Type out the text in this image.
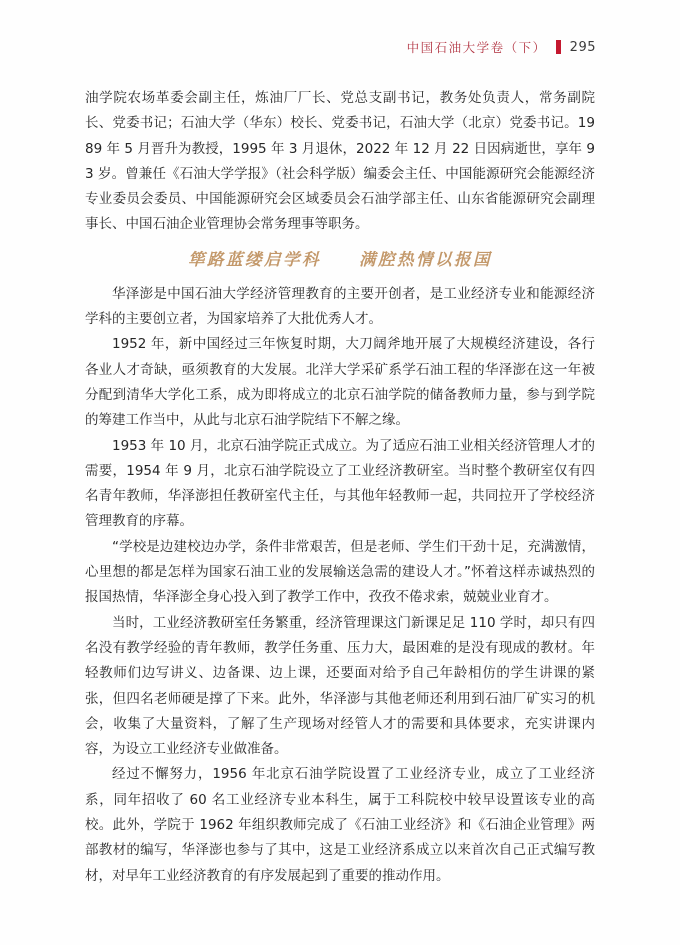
中国石油大学卷（下） 295

油学院农场革委会副主任，炼油厂厂长、党总支副书记，教务处负责人，常务副院长、党委书记；石油大学（华东）校长、党委书记，石油大学（北京）党委书记。1989 年 5 月晋升为教授，1995 年 3 月退休，2022 年 12 月 22 日因病逝世，享年 93 岁。曾兼任《石油大学学报》（社会科学版）编委会主任、中国能源研究会能源经济专业委员会委员、中国能源研究会区域委员会石油学部主任、山东省能源研究会副理事长、中国石油企业管理协会常务理事等职务。

筚路蓝缕启学科　　满腔热情以报国

华泽澎是中国石油大学经济管理教育的主要开创者，是工业经济专业和能源经济学科的主要创立者，为国家培养了大批优秀人才。

1952 年，新中国经过三年恢复时期，大刀阔斧地开展了大规模经济建设，各行各业人才奇缺，亟须教育的大发展。北洋大学采矿系学石油工程的华泽澎在这一年被分配到清华大学化工系，成为即将成立的北京石油学院的储备教师力量，参与到学院的筹建工作当中，从此与北京石油学院结下不解之缘。

1953 年 10 月，北京石油学院正式成立。为了适应石油工业相关经济管理人才的需要，1954 年 9 月，北京石油学院设立了工业经济教研室。当时整个教研室仅有四名青年教师，华泽澎担任教研室代主任，与其他年轻教师一起，共同拉开了学校经济管理教育的序幕。

“学校是边建校边办学，条件非常艰苦，但是老师、学生们干劲十足，充满激情，心里想的都是怎样为国家石油工业的发展输送急需的建设人才。”怀着这样赤诚热烈的报国热情，华泽澎全身心投入到了教学工作中，孜孜不倦求索，兢兢业业育才。

当时，工业经济教研室任务繁重，经济管理课这门新课足足 110 学时，却只有四名没有教学经验的青年教师，教学任务重、压力大，最困难的是没有现成的教材。年轻教师们边写讲义、边备课、边上课，还要面对给予自己年龄相仿的学生讲课的紧张，但四名老师硬是撑了下来。此外，华泽澎与其他老师还利用到石油厂矿实习的机会，收集了大量资料，了解了生产现场对经管人才的需要和具体要求，充实讲课内容，为设立工业经济专业做准备。

经过不懈努力，1956 年北京石油学院设置了工业经济专业，成立了工业经济系，同年招收了 60 名工业经济专业本科生，属于工科院校中较早设置该专业的高校。此外，学院于 1962 年组织教师完成了《石油工业经济》和《石油企业管理》两部教材的编写，华泽澎也参与了其中，这是工业经济系成立以来首次自己正式编写教材，对早年工业经济教育的有序发展起到了重要的推动作用。
